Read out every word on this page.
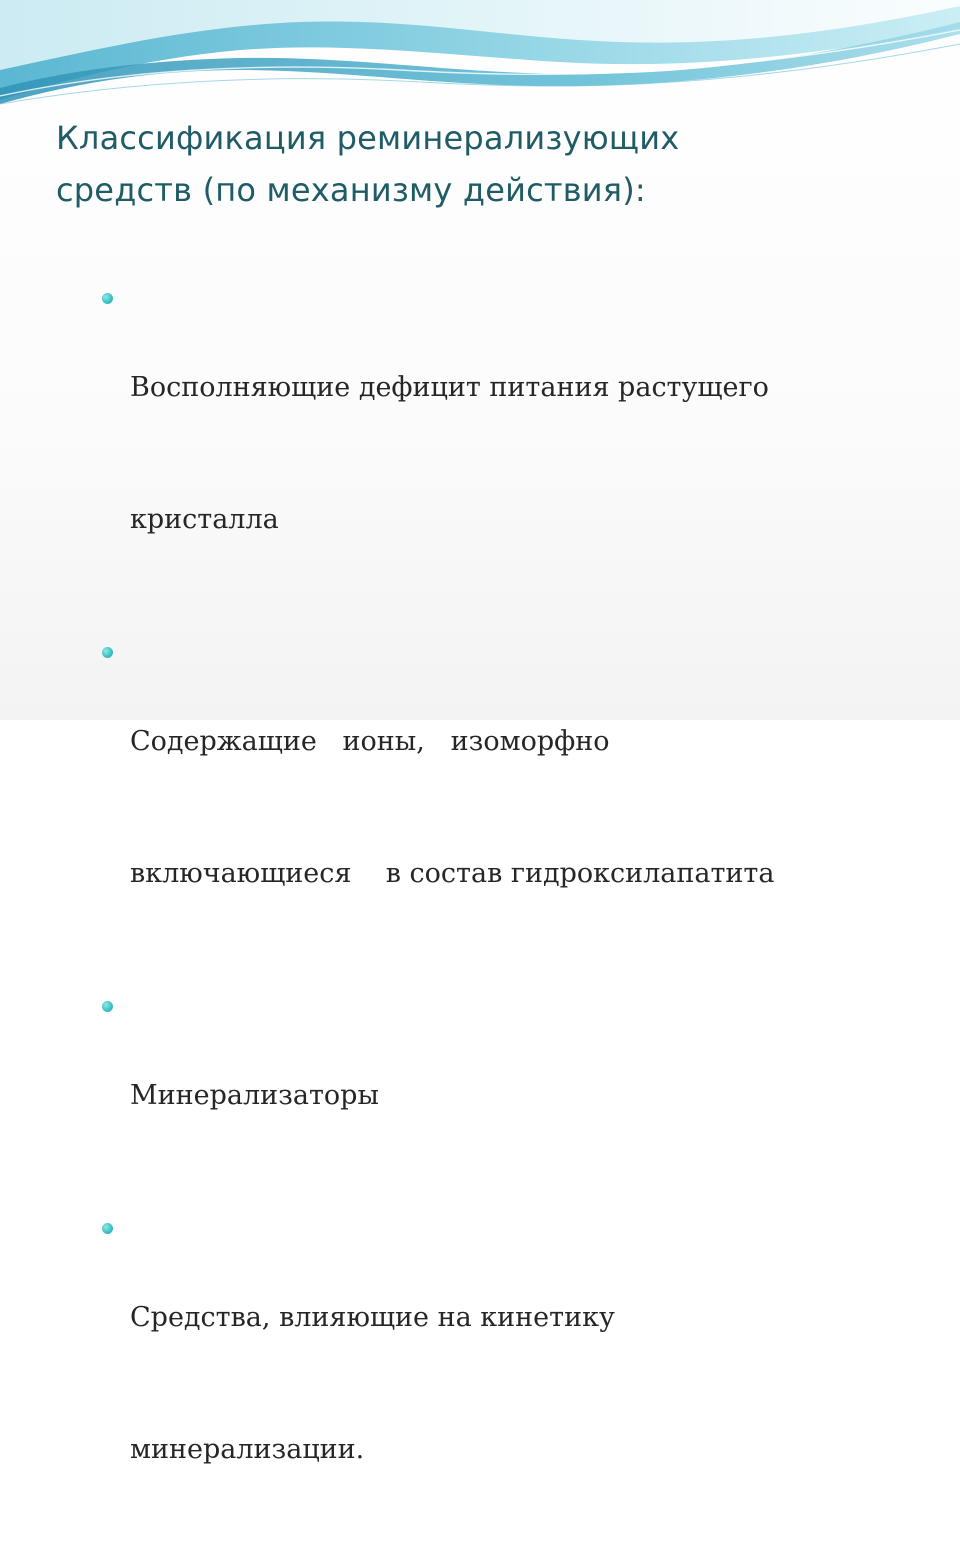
Классификация реминерализующих
средств (по механизму действия):

Восполняющие дефицит питания растущего

кристалла

Содержащие   ионы,   изоморфно

включающиеся    в состав гидроксилапатита

Минерализаторы

Средства, влияющие на кинетику

минерализации.
